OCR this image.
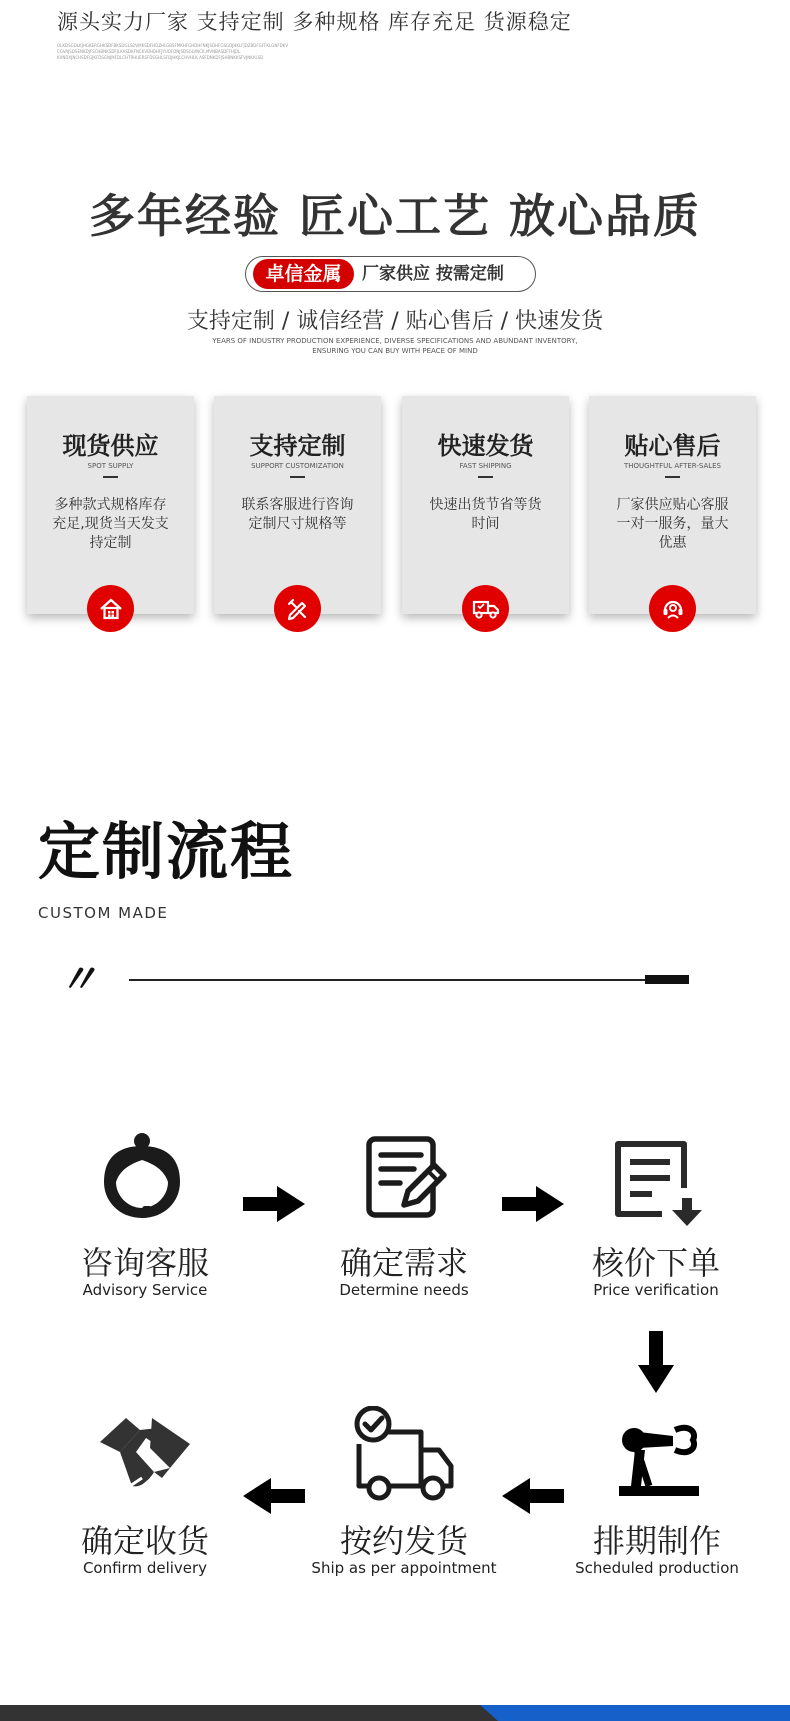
源头实力厂家 支持定制 多种规格 库存充足 货源稳定
OLKDSGDLKJHGKERGHKSDFBKSDGLSDVMKSDFHDZHLGBSFMKHFGHDHFNKJSDHFGSGDJHKLFJDZBDFGFFKLGNFDKV
CGVAJSDSENKDJFSCHBNKSDFJLKASDKFNCKVBHDHFJYUOFDNJSDSGLVNCK,MVNBASDFFHJDL
KVNDXJNCHSDFGJKFDSGNJMFDLCHTRHUERSFDSGHLSFDJHKJLCHVHLK ASFDNKDFJSHBNKKSFVJNKALSD
多年经验 匠心工艺 放心品质
卓信金属	厂家供应 按需定制
支持定制 / 诚信经营 / 贴心售后 / 快速发货
YEARS OF INDUSTRY PRODUCTION EXPERIENCE, DIVERSE SPECIFICATIONS AND ABUNDANT INVENTORY, ENSURING YOU CAN BUY WITH PEACE OF MIND
现货供应
SPOT SUPPLY
多种款式规格库存充足,现货当天发支持定制
支持定制
SUPPORT CUSTOMIZATION
联系客服进行咨询定制尺寸规格等
快速发货
FAST SHIPPING
快速出货节省等货时间
贴心售后
THOUGHTFUL AFTER-SALES
厂家供应贴心客服一对一服务，量大优惠
定制流程
CUSTOM MADE
〃
咨询客服
Advisory Service
确定需求
Determine needs
核价下单
Price verification
排期制作
Scheduled production
按约发货
Ship as per appointment
确定收货
Confirm delivery
